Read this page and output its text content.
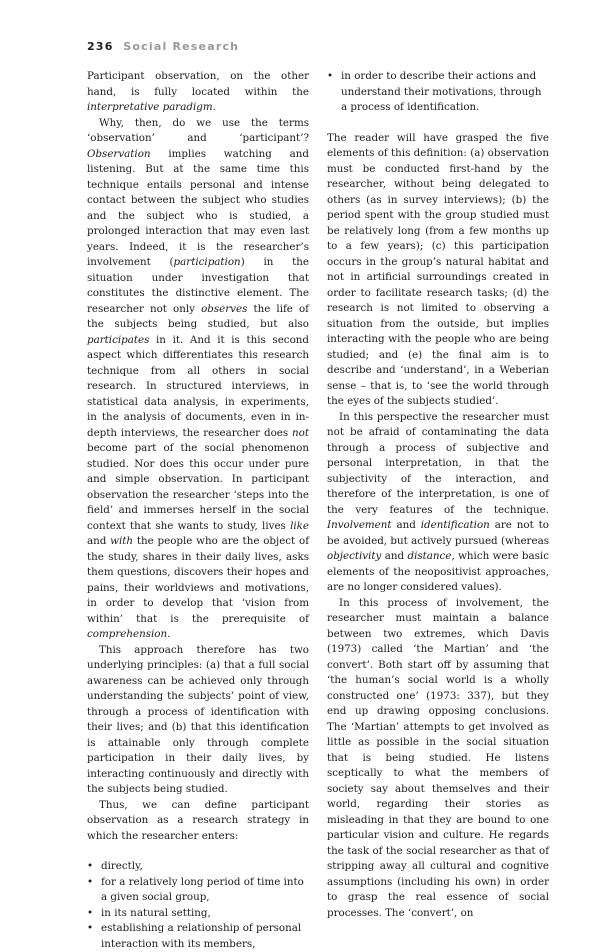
236 Social Research

Participant observation, on the other hand, is fully located within the interpretative paradigm.

Why, then, do we use the terms ‘observation’ and ‘participant’? Observation implies watching and listening. But at the same time this technique entails personal and intense contact between the subject who studies and the subject who is studied, a prolonged interaction that may even last years. Indeed, it is the researcher’s involvement (participation) in the situation under investigation that constitutes the distinctive element. The researcher not only observes the life of the subjects being studied, but also participates in it. And it is this second aspect which differentiates this research technique from all others in social research. In structured interviews, in statistical data analysis, in experiments, in the analysis of documents, even in in-depth interviews, the researcher does not become part of the social phenomenon studied. Nor does this occur under pure and simple observation. In participant observation the researcher ‘steps into the field’ and immerses herself in the social context that she wants to study, lives like and with the people who are the object of the study, shares in their daily lives, asks them questions, discovers their hopes and pains, their worldviews and motivations, in order to develop that ‘vision from within’ that is the prerequisite of comprehension.

This approach therefore has two underlying principles: (a) that a full social awareness can be achieved only through understanding the subjects’ point of view, through a process of identification with their lives; and (b) that this identification is attainable only through complete participation in their daily lives, by interacting continuously and directly with the subjects being studied.

Thus, we can define participant observation as a research strategy in which the researcher enters:

• directly,
• for a relatively long period of time into a given social group,
• in its natural setting,
• establishing a relationship of personal interaction with its members,
• in order to describe their actions and understand their motivations, through a process of identification.

The reader will have grasped the five elements of this definition: (a) observation must be conducted first-hand by the researcher, without being delegated to others (as in survey interviews); (b) the period spent with the group studied must be relatively long (from a few months up to a few years); (c) this participation occurs in the group’s natural habitat and not in artificial surroundings created in order to facilitate research tasks; (d) the research is not limited to observing a situation from the outside, but implies interacting with the people who are being studied; and (e) the final aim is to describe and ‘understand’, in a Weberian sense – that is, to ‘see the world through the eyes of the subjects studied’.

In this perspective the researcher must not be afraid of contaminating the data through a process of subjective and personal interpretation, in that the subjectivity of the interaction, and therefore of the interpretation, is one of the very features of the technique. Involvement and identification are not to be avoided, but actively pursued (whereas objectivity and distance, which were basic elements of the neopositivist approaches, are no longer considered values).

In this process of involvement, the researcher must maintain a balance between two extremes, which Davis (1973) called ‘the Martian’ and ‘the convert’. Both start off by assuming that ‘the human’s social world is a wholly constructed one’ (1973: 337), but they end up drawing opposing conclusions. The ‘Martian’ attempts to get involved as little as possible in the social situation that is being studied. He listens sceptically to what the members of society say about themselves and their world, regarding their stories as misleading in that they are bound to one particular vision and culture. He regards the task of the social researcher as that of stripping away all cultural and cognitive assumptions (including his own) in order to grasp the real essence of social processes. The ‘convert’, on
